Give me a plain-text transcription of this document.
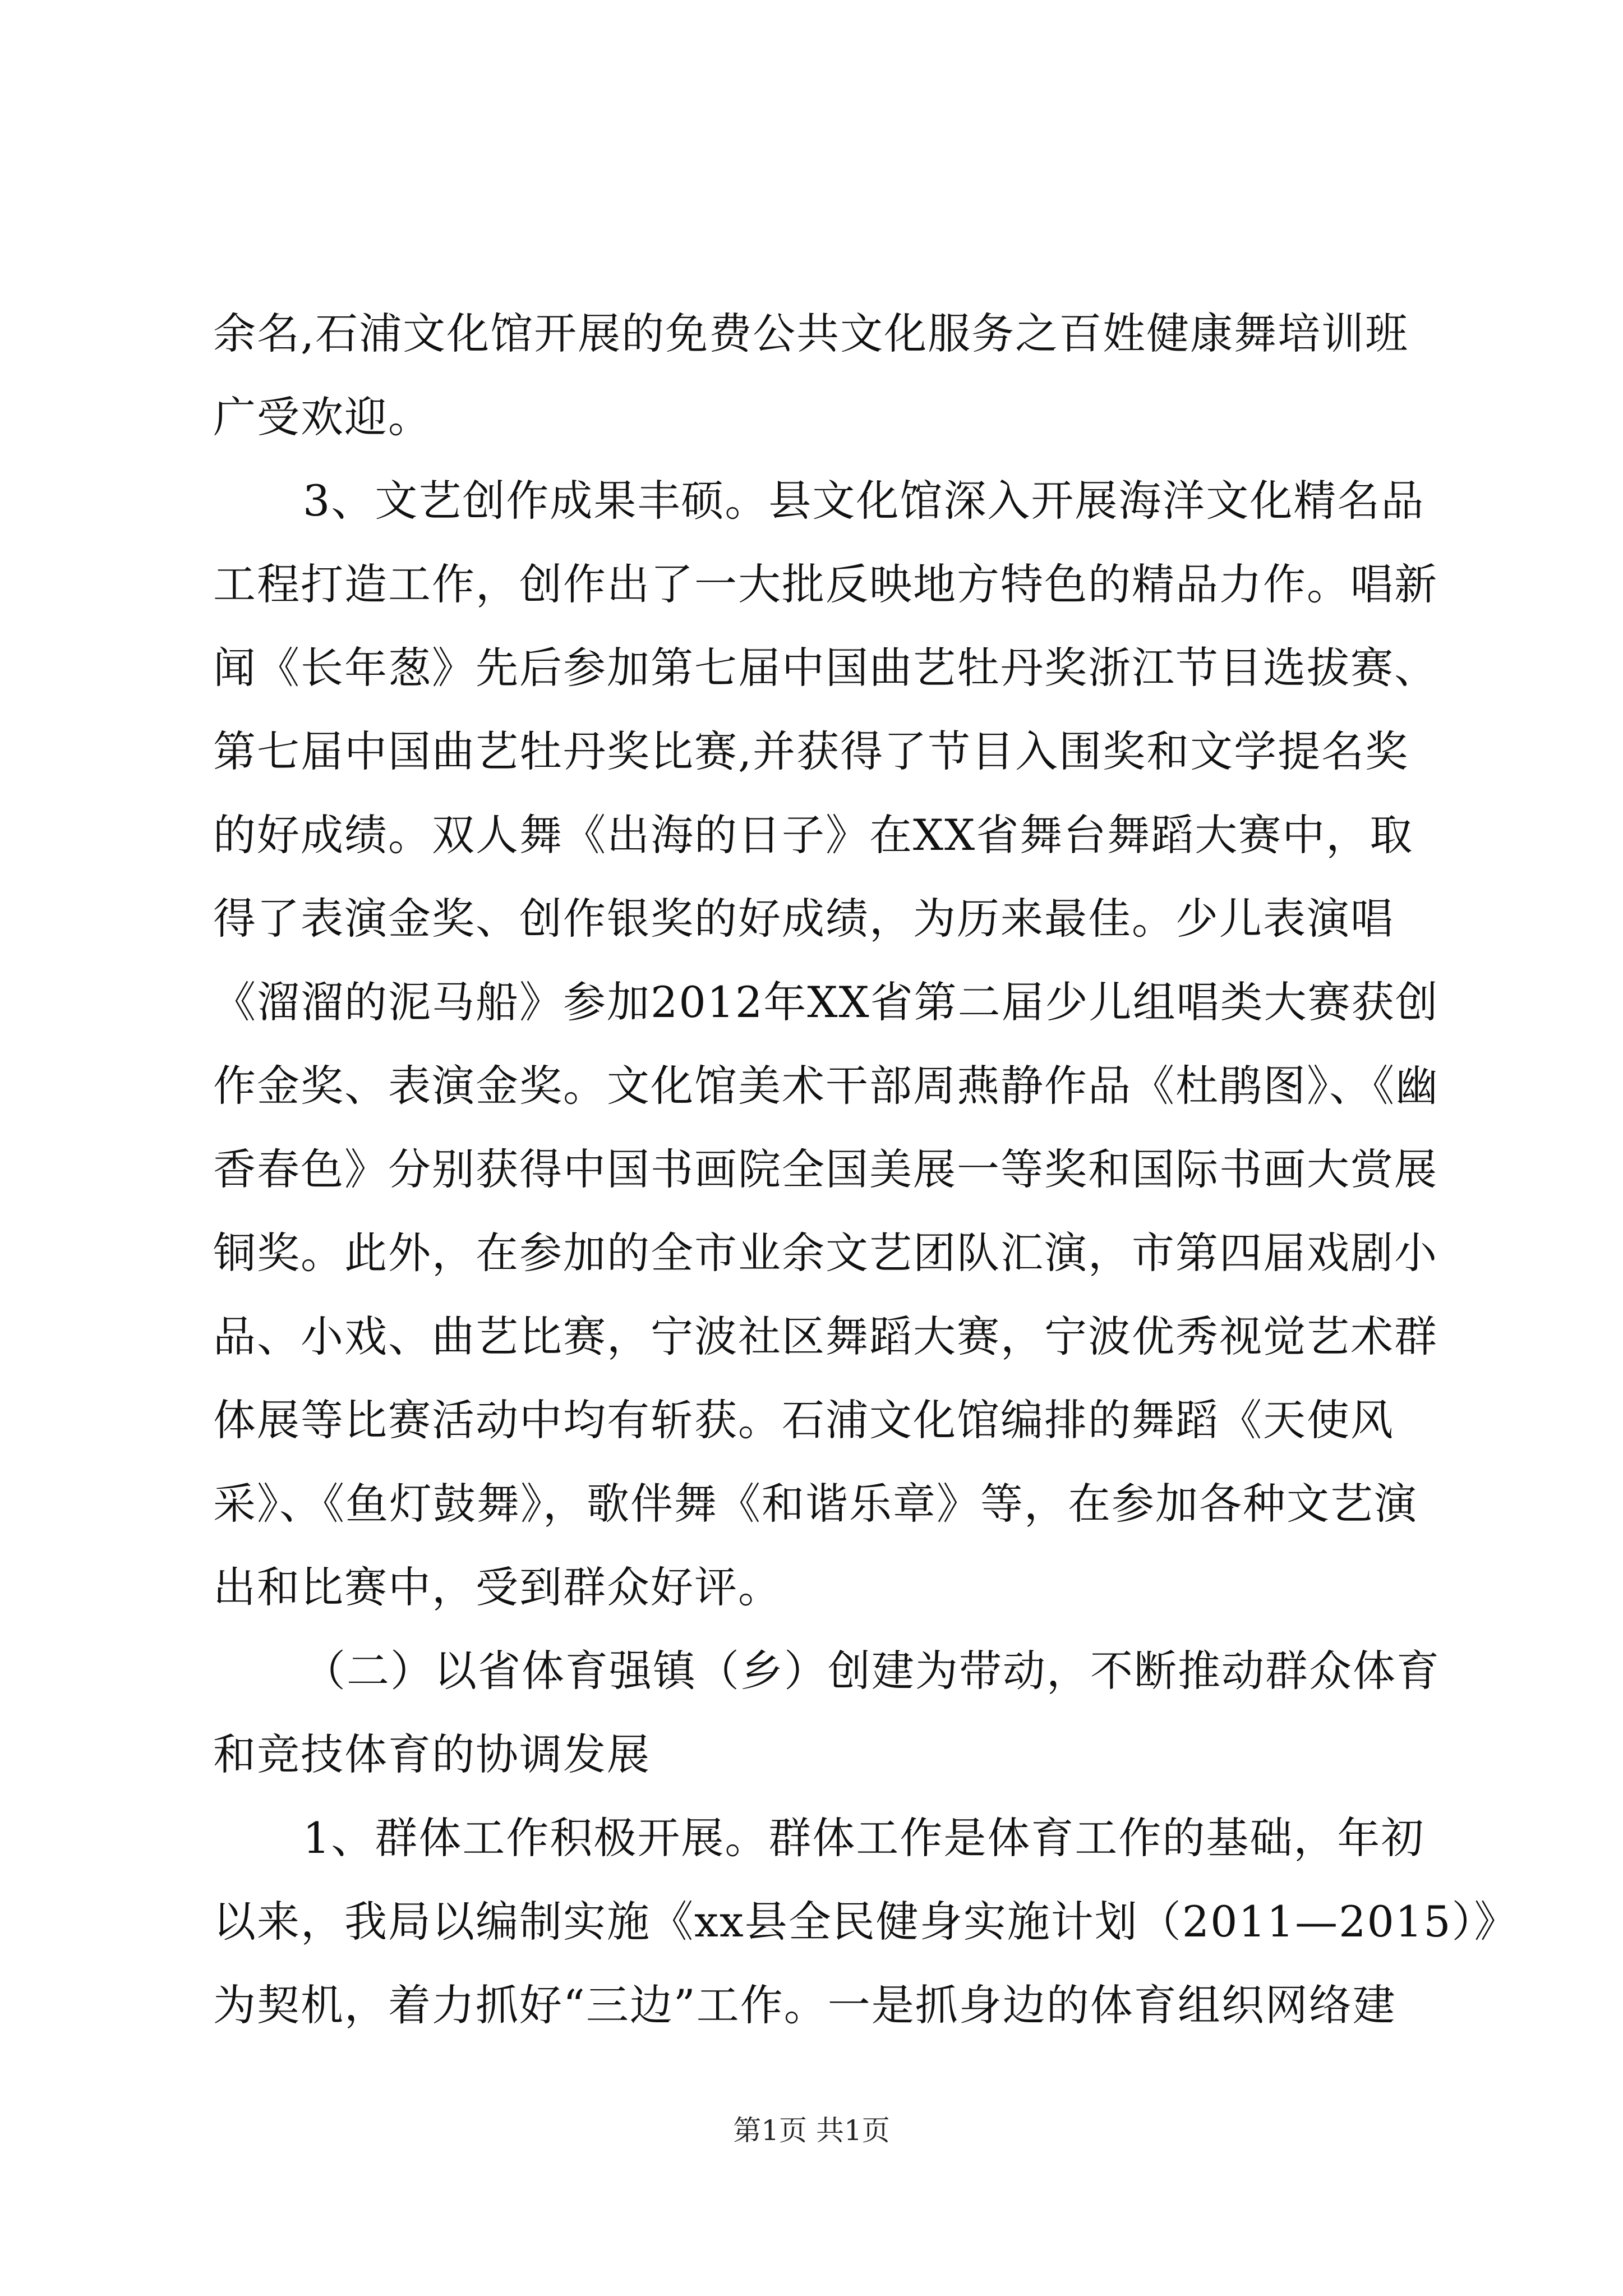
余名,石浦文化馆开展的免费公共文化服务之百姓健康舞培训班
广受欢迎。
3、文艺创作成果丰硕。县文化馆深入开展海洋文化精名品
工程打造工作，创作出了一大批反映地方特色的精品力作。唱新
闻《长年葱》先后参加第七届中国曲艺牡丹奖浙江节目选拔赛、
第七届中国曲艺牡丹奖比赛,并获得了节目入围奖和文学提名奖
的好成绩。双人舞《出海的日子》在XX省舞台舞蹈大赛中，取
得了表演金奖、创作银奖的好成绩，为历来最佳。少儿表演唱
《溜溜的泥马船》参加2012年XX省第二届少儿组唱类大赛获创
作金奖、表演金奖。文化馆美术干部周燕静作品《杜鹃图》、《幽
香春色》分别获得中国书画院全国美展一等奖和国际书画大赏展
铜奖。此外，在参加的全市业余文艺团队汇演，市第四届戏剧小
品、小戏、曲艺比赛，宁波社区舞蹈大赛，宁波优秀视觉艺术群
体展等比赛活动中均有斩获。石浦文化馆编排的舞蹈《天使风
采》、《鱼灯鼓舞》，歌伴舞《和谐乐章》等，在参加各种文艺演
出和比赛中，受到群众好评。
（二）以省体育强镇（乡）创建为带动，不断推动群众体育
和竞技体育的协调发展
1、群体工作积极开展。群体工作是体育工作的基础，年初
以来，我局以编制实施《xx县全民健身实施计划（2011—2015）》
为契机，着力抓好“三边”工作。一是抓身边的体育组织网络建
第1页 共1页
